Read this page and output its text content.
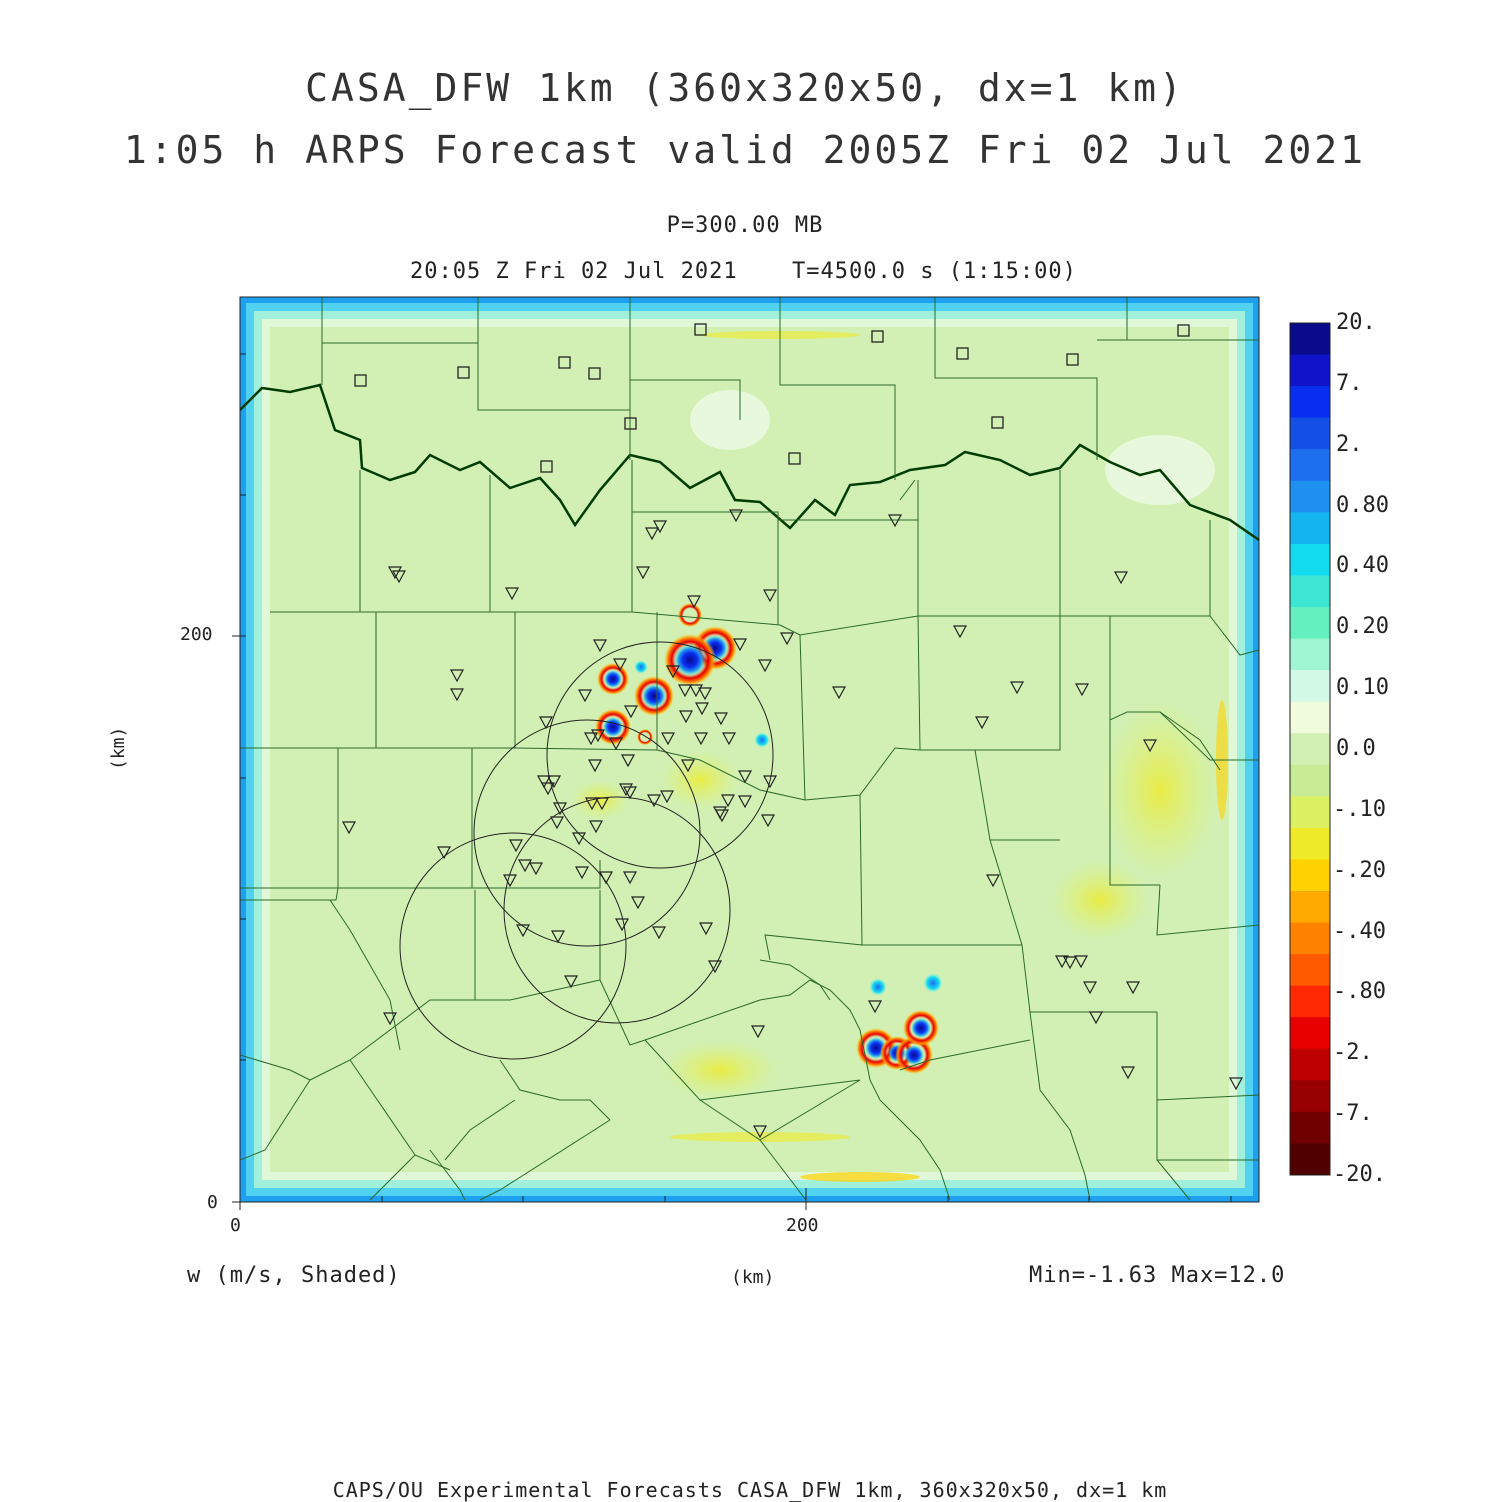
CASA_DFW 1km (360x320x50, dx=1 km)
1:05 h ARPS Forecast valid 2005Z Fri 02 Jul 2021
P=300.00 MB
20:05 Z Fri 02 Jul 2021 T=4500.0 s (1:15:00)
200
0
0	200
(km)
(km)
w (m/s, Shaded)	Min=-1.63 Max=12.0
CAPS/OU Experimental Forecasts CASA_DFW 1km, 360x320x50, dx=1 km
20.
7.
2.
0.80
0.40
0.20
0.10
0.0
-.10
-.20
-.40
-.80
-2.
-7.
-20.
